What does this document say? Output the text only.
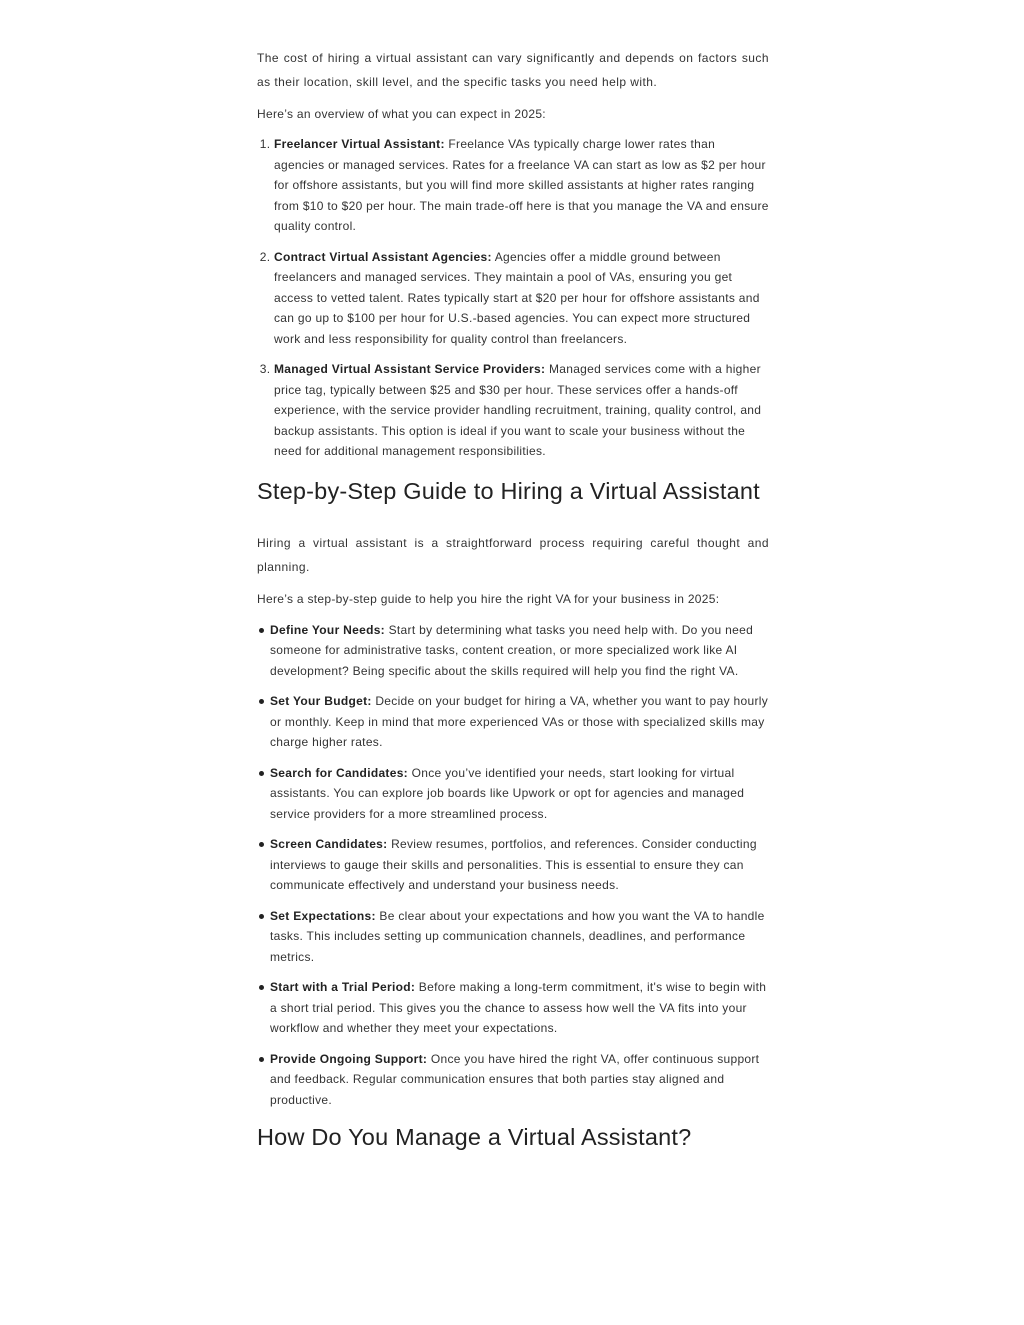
The cost of hiring a virtual assistant can vary significantly and depends on factors such as their location, skill level, and the specific tasks you need help with.

Here’s an overview of what you can expect in 2025:

1. Freelancer Virtual Assistant: Freelance VAs typically charge lower rates than agencies or managed services. Rates for a freelance VA can start as low as $2 per hour for offshore assistants, but you will find more skilled assistants at higher rates ranging from $10 to $20 per hour. The main trade-off here is that you manage the VA and ensure quality control.
2. Contract Virtual Assistant Agencies: Agencies offer a middle ground between freelancers and managed services. They maintain a pool of VAs, ensuring you get access to vetted talent. Rates typically start at $20 per hour for offshore assistants and can go up to $100 per hour for U.S.-based agencies. You can expect more structured work and less responsibility for quality control than freelancers.
3. Managed Virtual Assistant Service Providers: Managed services come with a higher price tag, typically between $25 and $30 per hour. These services offer a hands-off experience, with the service provider handling recruitment, training, quality control, and backup assistants. This option is ideal if you want to scale your business without the need for additional management responsibilities.
Step-by-Step Guide to Hiring a Virtual Assistant

Hiring a virtual assistant is a straightforward process requiring careful thought and planning.

Here’s a step-by-step guide to help you hire the right VA for your business in 2025:

Define Your Needs: Start by determining what tasks you need help with. Do you need someone for administrative tasks, content creation, or more specialized work like AI development? Being specific about the skills required will help you find the right VA.
Set Your Budget: Decide on your budget for hiring a VA, whether you want to pay hourly or monthly. Keep in mind that more experienced VAs or those with specialized skills may charge higher rates.
Search for Candidates: Once you’ve identified your needs, start looking for virtual assistants. You can explore job boards like Upwork or opt for agencies and managed service providers for a more streamlined process.
Screen Candidates: Review resumes, portfolios, and references. Consider conducting interviews to gauge their skills and personalities. This is essential to ensure they can communicate effectively and understand your business needs.
Set Expectations: Be clear about your expectations and how you want the VA to handle tasks. This includes setting up communication channels, deadlines, and performance metrics.
Start with a Trial Period: Before making a long-term commitment, it's wise to begin with a short trial period. This gives you the chance to assess how well the VA fits into your workflow and whether they meet your expectations.
Provide Ongoing Support: Once you have hired the right VA, offer continuous support and feedback. Regular communication ensures that both parties stay aligned and productive.
How Do You Manage a Virtual Assistant?
